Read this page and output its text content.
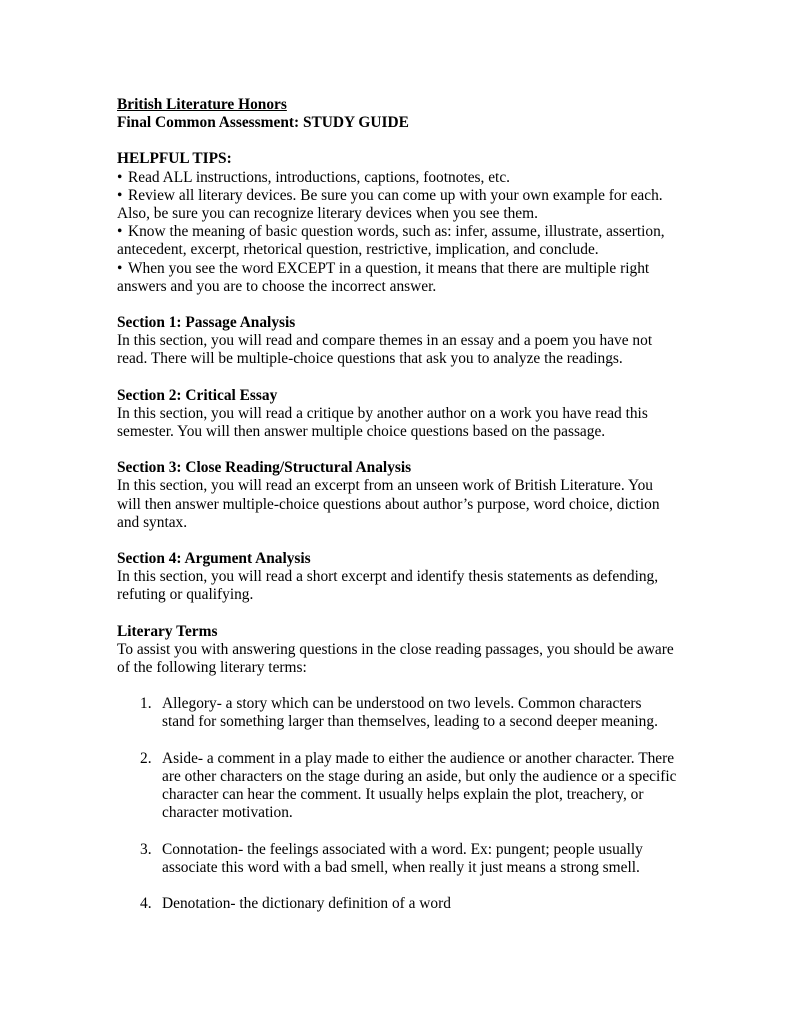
British Literature Honors

Final Common Assessment: STUDY GUIDE

HELPFUL TIPS:

• Read ALL instructions, introductions, captions, footnotes, etc.

• Review all literary devices. Be sure you can come up with your own example for each. Also, be sure you can recognize literary devices when you see them.

• Know the meaning of basic question words, such as: infer, assume, illustrate, assertion, antecedent, excerpt, rhetorical question, restrictive, implication, and conclude.

• When you see the word EXCEPT in a question, it means that there are multiple right answers and you are to choose the incorrect answer.

Section 1: Passage Analysis

In this section, you will read and compare themes in an essay and a poem you have not read. There will be multiple-choice questions that ask you to analyze the readings.

Section 2: Critical Essay

In this section, you will read a critique by another author on a work you have read this semester. You will then answer multiple choice questions based on the passage.

Section 3: Close Reading/Structural Analysis

In this section, you will read an excerpt from an unseen work of British Literature. You will then answer multiple-choice questions about author’s purpose, word choice, diction and syntax.

Section 4: Argument Analysis

In this section, you will read a short excerpt and identify thesis statements as defending, refuting or qualifying.

Literary Terms

To assist you with answering questions in the close reading passages, you should be aware of the following literary terms:

1. Allegory- a story which can be understood on two levels. Common characters stand for something larger than themselves, leading to a second deeper meaning.
2. Aside- a comment in a play made to either the audience or another character. There are other characters on the stage during an aside, but only the audience or a specific character can hear the comment. It usually helps explain the plot, treachery, or character motivation.
3. Connotation- the feelings associated with a word. Ex: pungent; people usually associate this word with a bad smell, when really it just means a strong smell.
4. Denotation- the dictionary definition of a word
